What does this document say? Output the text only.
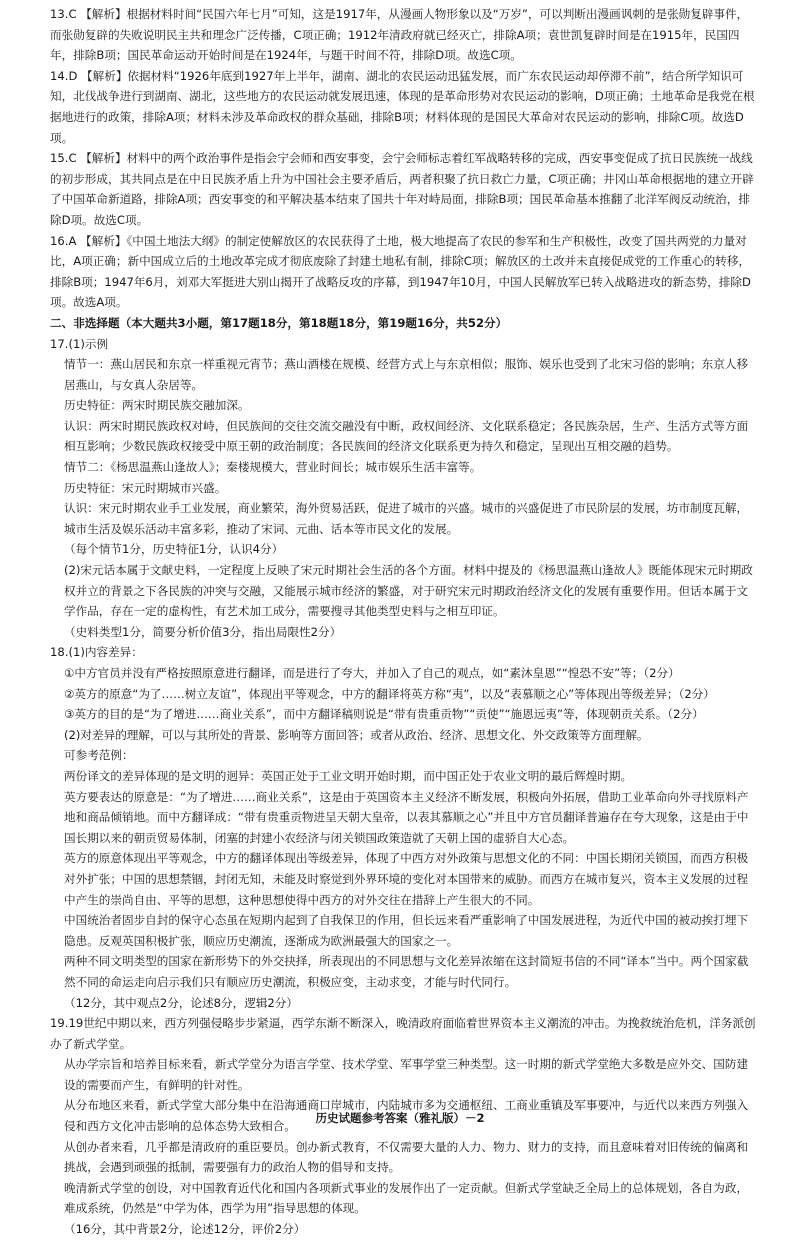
13.C 【解析】根据材料时间“民国六年七月”可知，这是1917年，从漫画人物形象以及“万岁”，可以判断出漫画讽刺的是张勋复辟事件，而张勋复辟的失败说明民主共和理念广泛传播，C项正确；1912年清政府就已经灭亡，排除A项；袁世凯复辟时间是在1915年，民国四年，排除B项；国民革命运动开始时间是在1924年，与题干时间不符，排除D项。故选C项。

14.D 【解析】依据材料“1926年底到1927年上半年，湖南、湖北的农民运动迅猛发展，而广东农民运动却停滞不前”，结合所学知识可知，北伐战争进行到湖南、湖北，这些地方的农民运动就发展迅速，体现的是革命形势对农民运动的影响，D项正确；土地革命是我党在根据地进行的政策，排除A项；材料未涉及革命政权的群众基础，排除B项；材料体现的是国民大革命对农民运动的影响，排除C项。故选D项。

15.C 【解析】材料中的两个政治事件是指会宁会师和西安事变，会宁会师标志着红军战略转移的完成，西安事变促成了抗日民族统一战线的初步形成，其共同点是在中日民族矛盾上升为中国社会主要矛盾后，两者积聚了抗日救亡力量，C项正确；井冈山革命根据地的建立开辟了中国革命新道路，排除A项；西安事变的和平解决基本结束了国共十年对峙局面，排除B项；国民革命基本推翻了北洋军阀反动统治，排除D项。故选C项。

16.A 【解析】《中国土地法大纲》的制定使解放区的农民获得了土地，极大地提高了农民的参军和生产积极性，改变了国共两党的力量对比，A项正确；新中国成立后的土地改革完成才彻底废除了封建土地私有制，排除C项；解放区的土改并未直接促成党的工作重心的转移，排除B项；1947年6月，刘邓大军挺进大别山揭开了战略反攻的序幕，到1947年10月，中国人民解放军已转入战略进攻的新态势，排除D项。故选A项。

二、非选择题（本大题共3小题，第17题18分，第18题18分，第19题16分，共52分）

17.(1)示例

情节一：燕山居民和东京一样重视元宵节；燕山酒楼在规模、经营方式上与东京相似；服饰、娱乐也受到了北宋习俗的影响；东京人移居燕山，与女真人杂居等。

历史特征：两宋时期民族交融加深。

认识：两宋时期民族政权对峙，但民族间的交往交流交融没有中断，政权间经济、文化联系稳定；各民族杂居，生产、生活方式等方面相互影响；少数民族政权接受中原王朝的政治制度；各民族间的经济文化联系更为持久和稳定，呈现出互相交融的趋势。

情节二：《杨思温燕山逢故人》；秦楼规模大，营业时间长；城市娱乐生活丰富等。

历史特征：宋元时期城市兴盛。

认识：宋元时期农业手工业发展，商业繁荣，海外贸易活跃，促进了城市的兴盛。城市的兴盛促进了市民阶层的发展，坊市制度瓦解，城市生活及娱乐活动丰富多彩，推动了宋词、元曲、话本等市民文化的发展。

（每个情节1分，历史特征1分，认识4分）

(2)宋元话本属于文献史料，一定程度上反映了宋元时期社会生活的各个方面。材料中提及的《杨思温燕山逢故人》既能体现宋元时期政权并立的背景之下各民族的冲突与交融，又能展示城市经济的繁盛，对于研究宋元时期政治经济文化的发展有重要作用。但话本属于文学作品，存在一定的虚构性，有艺术加工成分，需要搜寻其他类型史料与之相互印证。

（史料类型1分，简要分析价值3分，指出局限性2分）

18.(1)内容差异：

①中方官员并没有严格按照原意进行翻译，而是进行了夸大，并加入了自己的观点，如“素沐皇恩”“惶恐不安”等；（2分）

②英方的原意“为了……树立友谊”，体现出平等观念，中方的翻译将英方称“夷”，以及“表慕顺之心”等体现出等级差异；（2分）

③英方的目的是“为了增进……商业关系”，而中方翻译稿则说是“带有贵重贡物”“贡使”“施恩远夷”等，体现朝贡关系。（2分）

(2)对差异的理解，可以与其所处的背景、影响等方面回答；或者从政治、经济、思想文化、外交政策等方面理解。

可参考范例：

两份译文的差异体现的是文明的迥异：英国正处于工业文明开始时期，而中国正处于农业文明的最后辉煌时期。

英方要表达的原意是：“为了增进……商业关系”，这是由于英国资本主义经济不断发展，积极向外拓展，借助工业革命向外寻找原料产地和商品倾销地。而中方翻译成：“带有贵重贡物进呈天朝大皇帝，以表其慕顺之心”并且中方官员翻译普遍存在夸大现象，这是由于中国长期以来的朝贡贸易体制，闭塞的封建小农经济与闭关锁国政策造就了天朝上国的虚骄自大心态。

英方的原意体现出平等观念，中方的翻译体现出等级差异，体现了中西方对外政策与思想文化的不同：中国长期闭关锁国，而西方积极对外扩张；中国的思想禁锢，封闭无知，未能及时察觉到外界环境的变化对本国带来的威胁。而西方在城市复兴，资本主义发展的过程中产生的崇尚自由、平等的思想，这种思想使得中西方的对外交往在措辞上产生很大的不同。

中国统治者固步自封的保守心态虽在短期内起到了自我保卫的作用，但长远来看严重影响了中国发展进程，为近代中国的被动挨打埋下隐患。反观英国积极扩张，顺应历史潮流，逐渐成为欧洲最强大的国家之一。

两种不同文明类型的国家在新形势下的外交抉择，所表现出的不同思想与文化差异浓缩在这封简短书信的不同“译本”当中。两个国家截然不同的命运走向启示我们只有顺应历史潮流，积极应变，主动求变，才能与时代同行。

（12分，其中观点2分，论述8分，逻辑2分）

19.19世纪中期以来，西方列强侵略步步紧逼，西学东渐不断深入，晚清政府面临着世界资本主义潮流的冲击。为挽救统治危机，洋务派创办了新式学堂。

从办学宗旨和培养目标来看，新式学堂分为语言学堂、技术学堂、军事学堂三种类型。这一时期的新式学堂绝大多数是应外交、国防建设的需要而产生，有鲜明的针对性。

从分布地区来看，新式学堂大部分集中在沿海通商口岸城市，内陆城市多为交通枢纽、工商业重镇及军事要冲，与近代以来西方列强入侵和西方文化冲击影响的总体态势大致相合。

从创办者来看，几乎都是清政府的重臣要员。创办新式教育，不仅需要大量的人力、物力、财力的支持，而且意味着对旧传统的偏离和挑战，会遇到顽强的抵制，需要强有力的政治人物的倡导和支持。

晚清新式学堂的创设，对中国教育近代化和国内各项新式事业的发展作出了一定贡献。但新式学堂缺乏全局上的总体规划，各自为政，难成系统，仍然是“中学为体，西学为用”指导思想的体现。

（16分，其中背景2分，论述12分，评价2分）

历史试题参考答案（雅礼版）－2
